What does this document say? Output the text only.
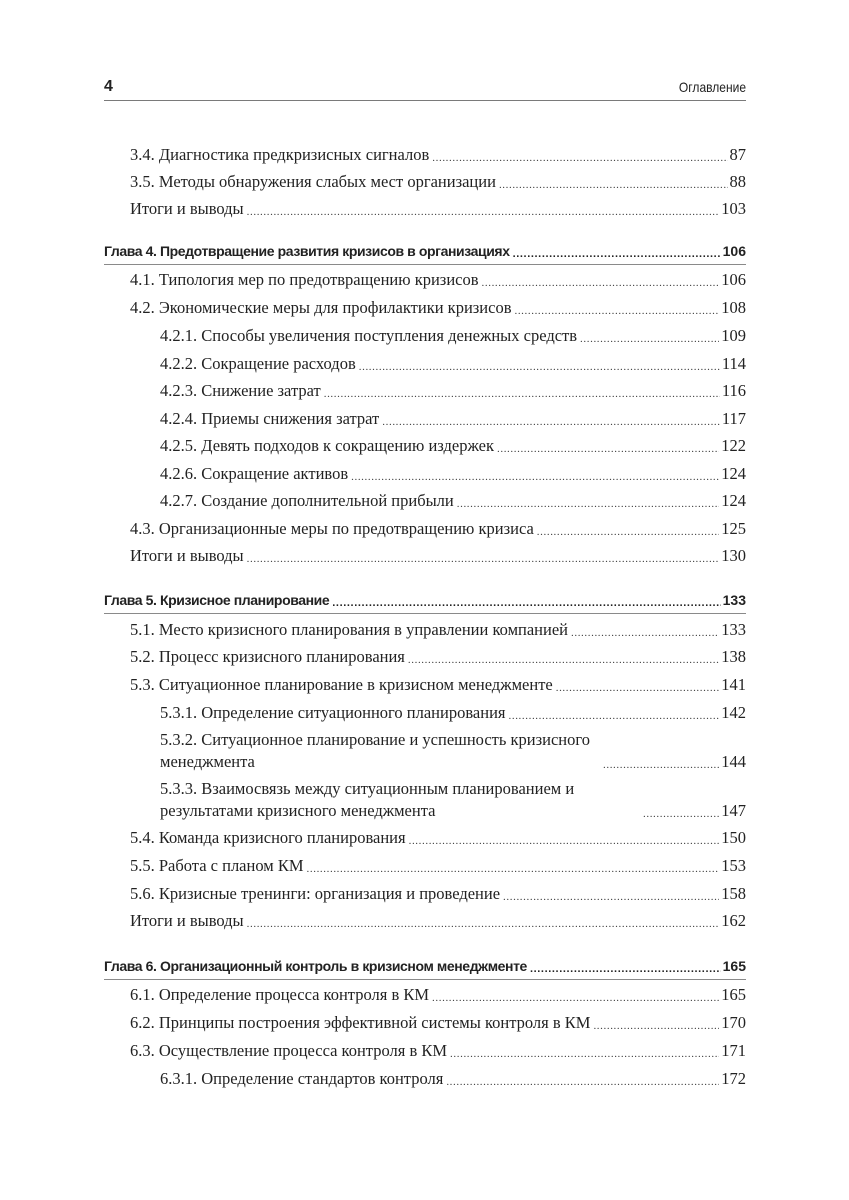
4	Оглавление
3.4. Диагностика предкризисных сигналов .....	87
3.5. Методы обнаружения слабых мест организации .....	88
Итоги и выводы .....	103
Глава 4. Предотвращение развития кризисов в организациях .....	106
4.1. Типология мер по предотвращению кризисов .....	106
4.2. Экономические меры для профилактики кризисов .....	108
4.2.1. Способы увеличения поступления денежных средств .....	109
4.2.2. Сокращение расходов .....	114
4.2.3. Снижение затрат .....	116
4.2.4. Приемы снижения затрат .....	117
4.2.5. Девять подходов к сокращению издержек .....	122
4.2.6. Сокращение активов .....	124
4.2.7. Создание дополнительной прибыли .....	124
4.3. Организационные меры по предотвращению кризиса .....	125
Итоги и выводы .....	130
Глава 5. Кризисное планирование .....	133
5.1. Место кризисного планирования в управлении компанией .....	133
5.2. Процесс кризисного планирования .....	138
5.3. Ситуационное планирование в кризисном менеджменте .....	141
5.3.1. Определение ситуационного планирования .....	142
5.3.2. Ситуационное планирование и успешность кризисного менеджмента .....	144
5.3.3. Взаимосвязь между ситуационным планированием и результатами кризисного менеджмента .....	147
5.4. Команда кризисного планирования .....	150
5.5. Работа с планом КМ .....	153
5.6. Кризисные тренинги: организация и проведение .....	158
Итоги и выводы .....	162
Глава 6. Организационный контроль в кризисном менеджменте .....	165
6.1. Определение процесса контроля в КМ .....	165
6.2. Принципы построения эффективной системы контроля в КМ .....	170
6.3. Осуществление процесса контроля в КМ .....	171
6.3.1. Определение стандартов контроля .....	172
